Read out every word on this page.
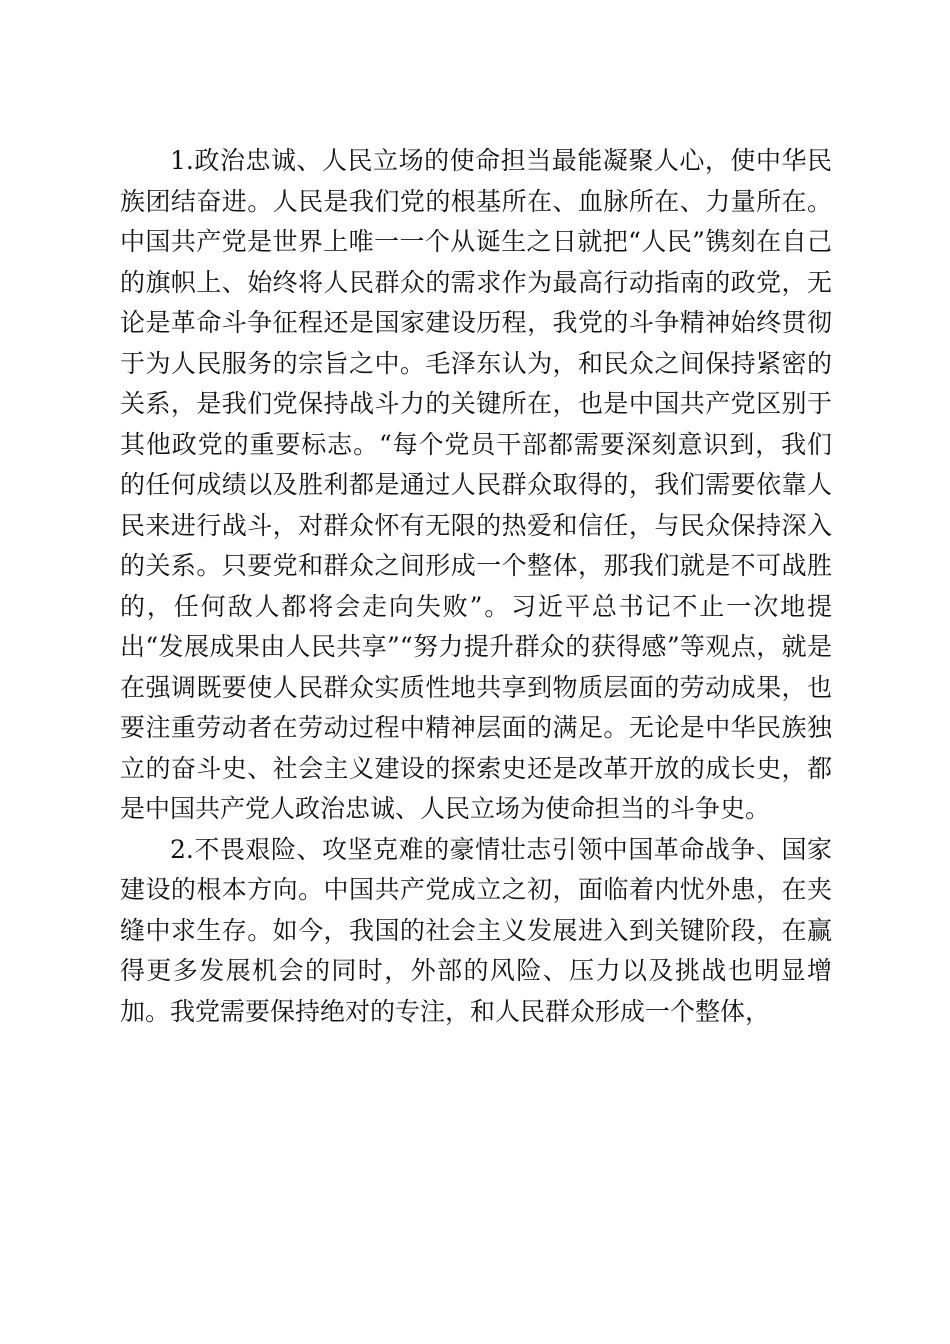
1.政治忠诚、人民立场的使命担当最能凝聚人心，使中华民族团结奋进。人民是我们党的根基所在、血脉所在、力量所在。中国共产党是世界上唯一一个从诞生之日就把“人民”镌刻在自己的旗帜上、始终将人民群众的需求作为最高行动指南的政党，无论是革命斗争征程还是国家建设历程，我党的斗争精神始终贯彻于为人民服务的宗旨之中。毛泽东认为，和民众之间保持紧密的关系，是我们党保持战斗力的关键所在，也是中国共产党区别于其他政党的重要标志。“每个党员干部都需要深刻意识到，我们的任何成绩以及胜利都是通过人民群众取得的，我们需要依靠人民来进行战斗，对群众怀有无限的热爱和信任，与民众保持深入的关系。只要党和群众之间形成一个整体，那我们就是不可战胜的，任何敌人都将会走向失败”。习近平总书记不止一次地提出“发展成果由人民共享”“努力提升群众的获得感”等观点，就是在强调既要使人民群众实质性地共享到物质层面的劳动成果，也要注重劳动者在劳动过程中精神层面的满足。无论是中华民族独立的奋斗史、社会主义建设的探索史还是改革开放的成长史，都是中国共产党人政治忠诚、人民立场为使命担当的斗争史。

2.不畏艰险、攻坚克难的豪情壮志引领中国革命战争、国家建设的根本方向。中国共产党成立之初，面临着内忧外患，在夹缝中求生存。如今，我国的社会主义发展进入到关键阶段，在赢得更多发展机会的同时，外部的风险、压力以及挑战也明显增加。我党需要保持绝对的专注，和人民群众形成一个整体，
